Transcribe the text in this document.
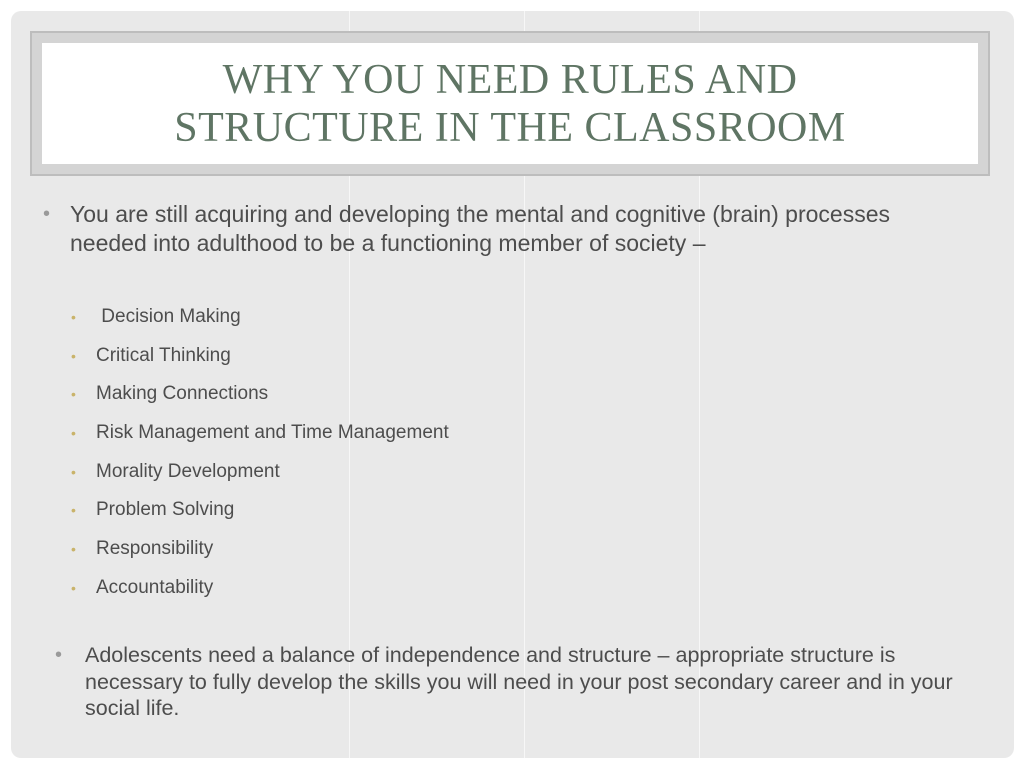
WHY YOU NEED RULES AND
STRUCTURE IN THE CLASSROOM
• You are still acquiring and developing the mental and cognitive (brain) processes needed into adulthood to be a functioning member of society –
• Decision Making
• Critical Thinking
• Making Connections
• Risk Management and Time Management
• Morality Development
• Problem Solving
• Responsibility
• Accountability
• Adolescents need a balance of independence and structure – appropriate structure is necessary to fully develop the skills you will need in your post secondary career and in your social life.
